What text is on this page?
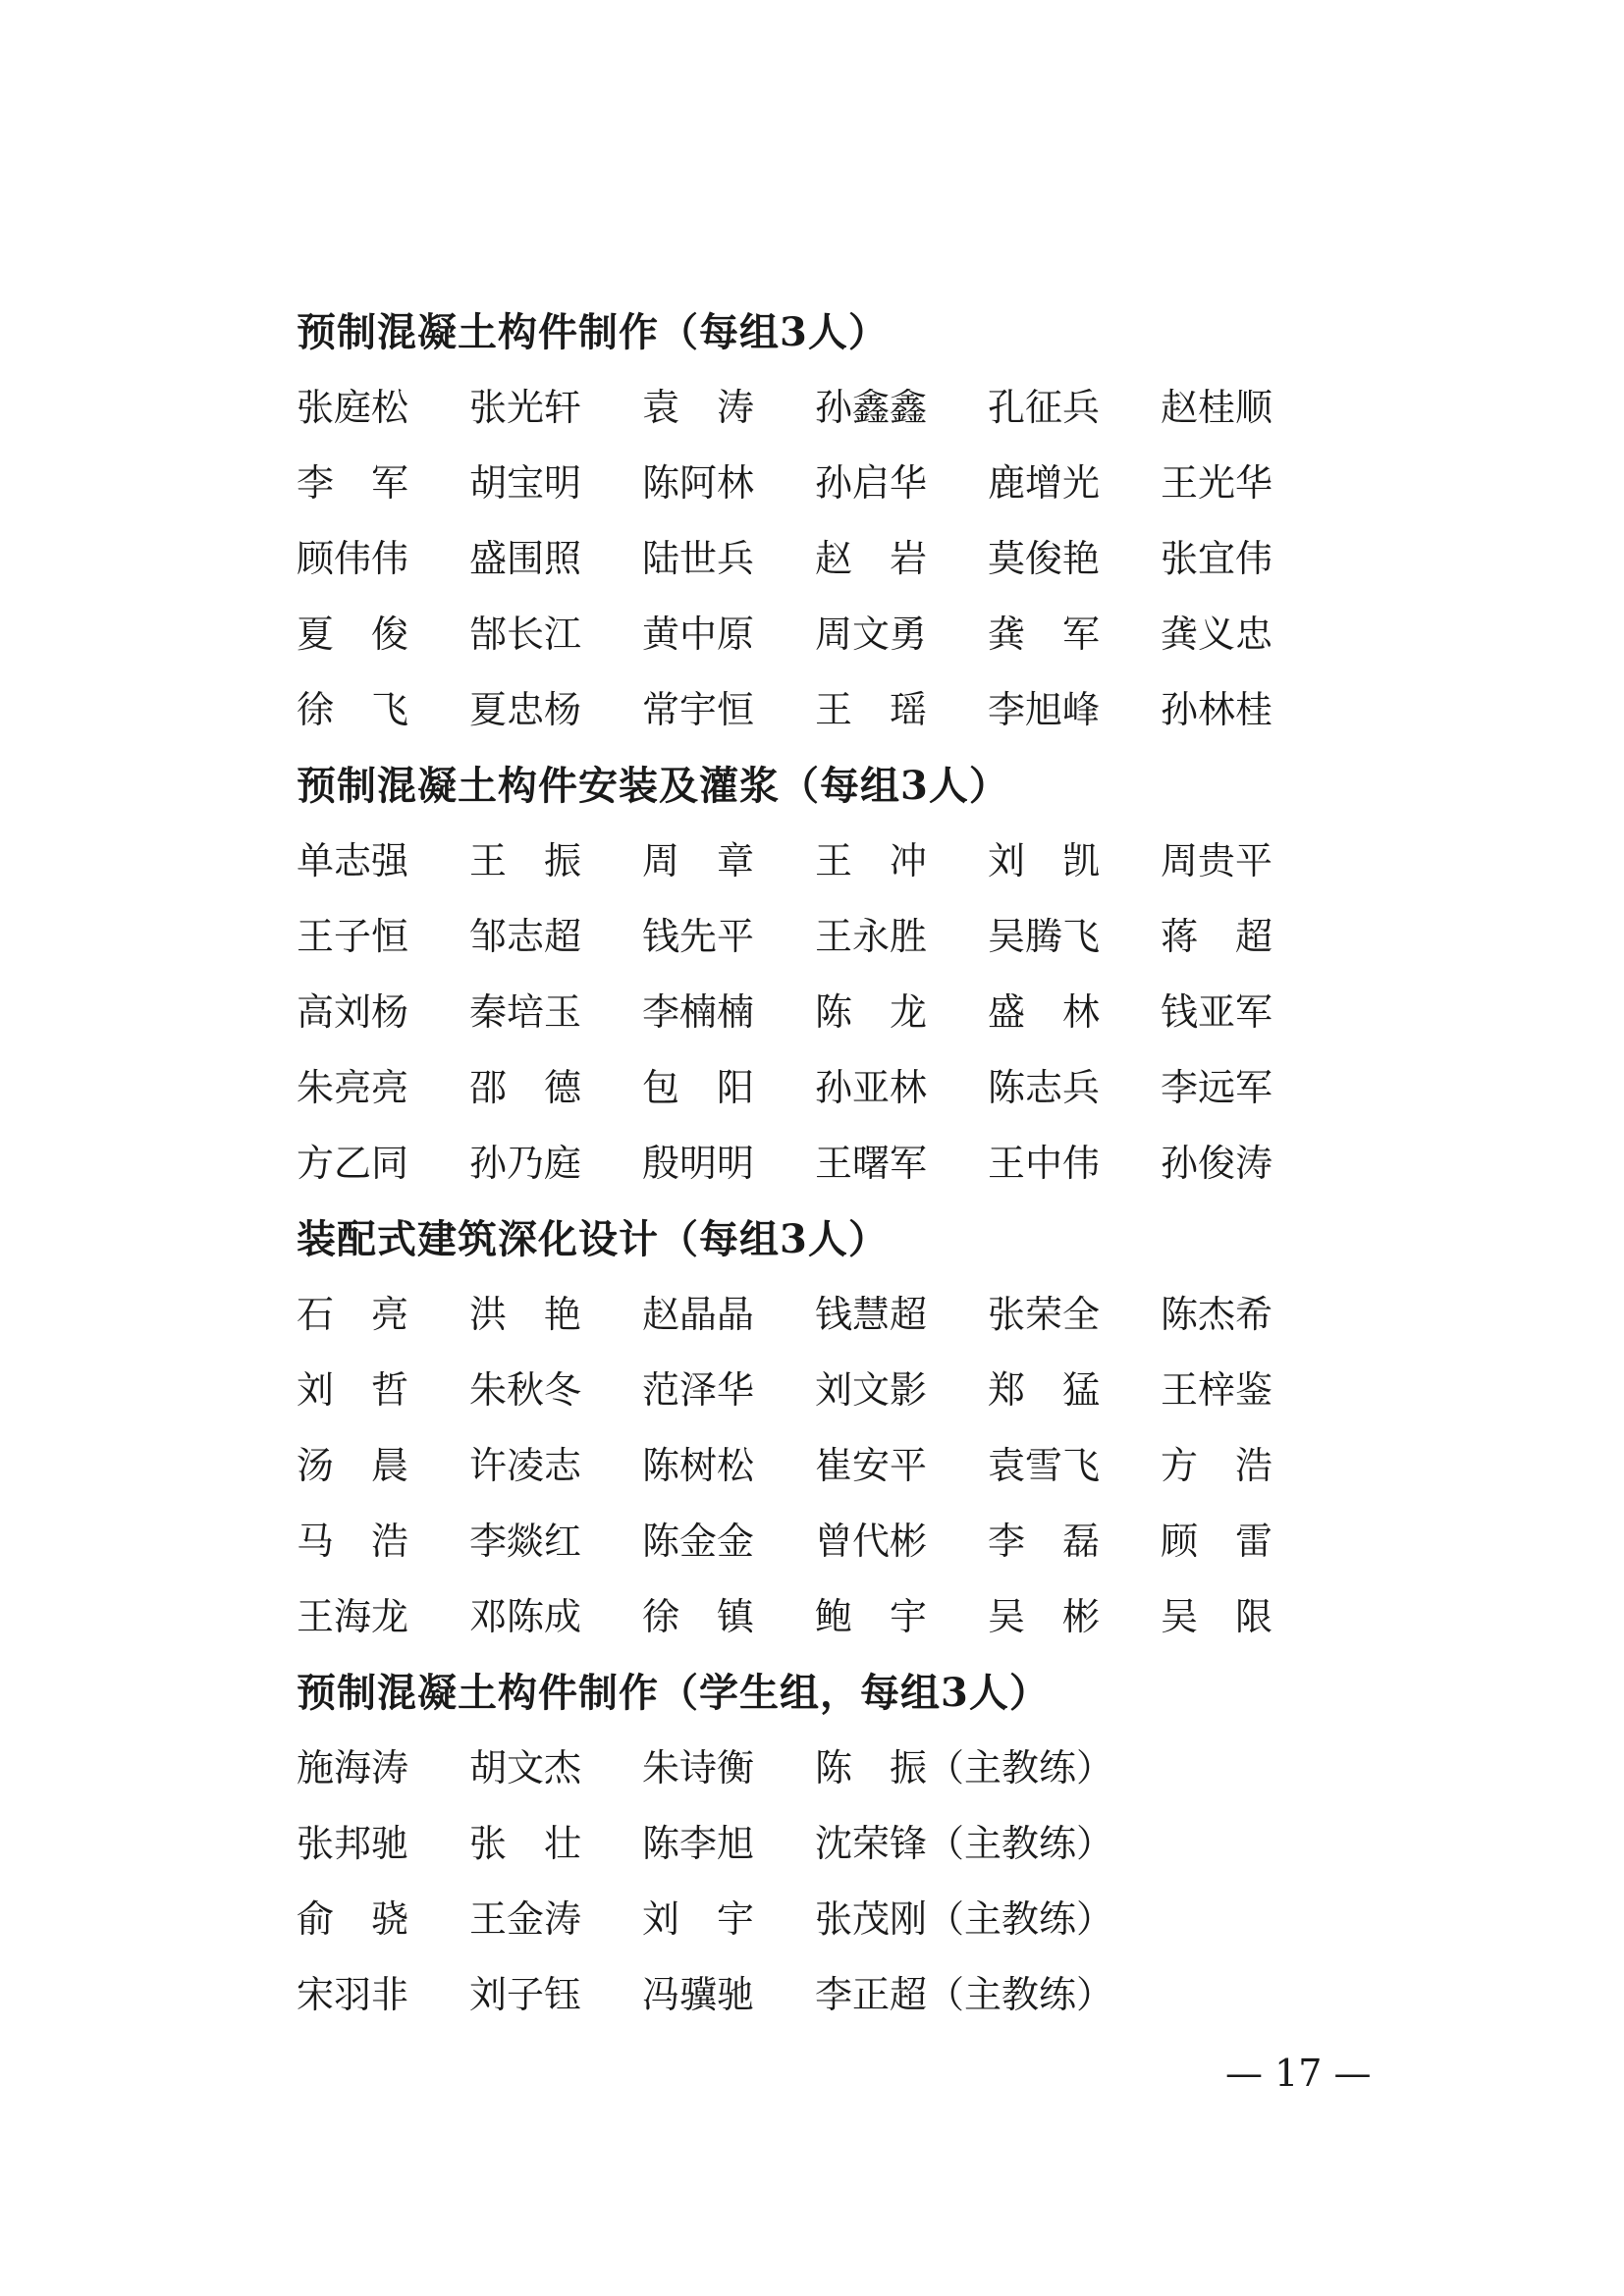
预制混凝土构件制作（每组3人）
张庭松	张光轩	袁　涛	孙鑫鑫	孔征兵	赵桂顺
李　军	胡宝明	陈阿林	孙启华	鹿增光	王光华
顾伟伟	盛围照	陆世兵	赵　岩	莫俊艳	张宜伟
夏　俊	郜长江	黄中原	周文勇	龚　军	龚义忠
徐　飞	夏忠杨	常宇恒	王　瑶	李旭峰	孙林桂
预制混凝土构件安装及灌浆（每组3人）
单志强	王　振	周　章	王　冲	刘　凯	周贵平
王子恒	邹志超	钱先平	王永胜	吴腾飞	蒋　超
高刘杨	秦培玉	李楠楠	陈　龙	盛　林	钱亚军
朱亮亮	邵　德	包　阳	孙亚林	陈志兵	李远军
方乙同	孙乃庭	殷明明	王曙军	王中伟	孙俊涛
装配式建筑深化设计（每组3人）
石　亮	洪　艳	赵晶晶	钱慧超	张荣全	陈杰希
刘　哲	朱秋冬	范泽华	刘文影	郑　猛	王梓鉴
汤　晨	许凌志	陈树松	崔安平	袁雪飞	方　浩
马　浩	李燚红	陈金金	曾代彬	李　磊	顾　雷
王海龙	邓陈成	徐　镇	鲍　宇	吴　彬	吴　限
预制混凝土构件制作（学生组，每组3人）
施海涛	胡文杰	朱诗衡	陈　振（主教练）
张邦驰	张　壮	陈李旭	沈荣锋（主教练）
俞　骁	王金涛	刘　宇	张茂刚（主教练）
宋羽非	刘子钰	冯骥驰	李正超（主教练）
— 17 —
